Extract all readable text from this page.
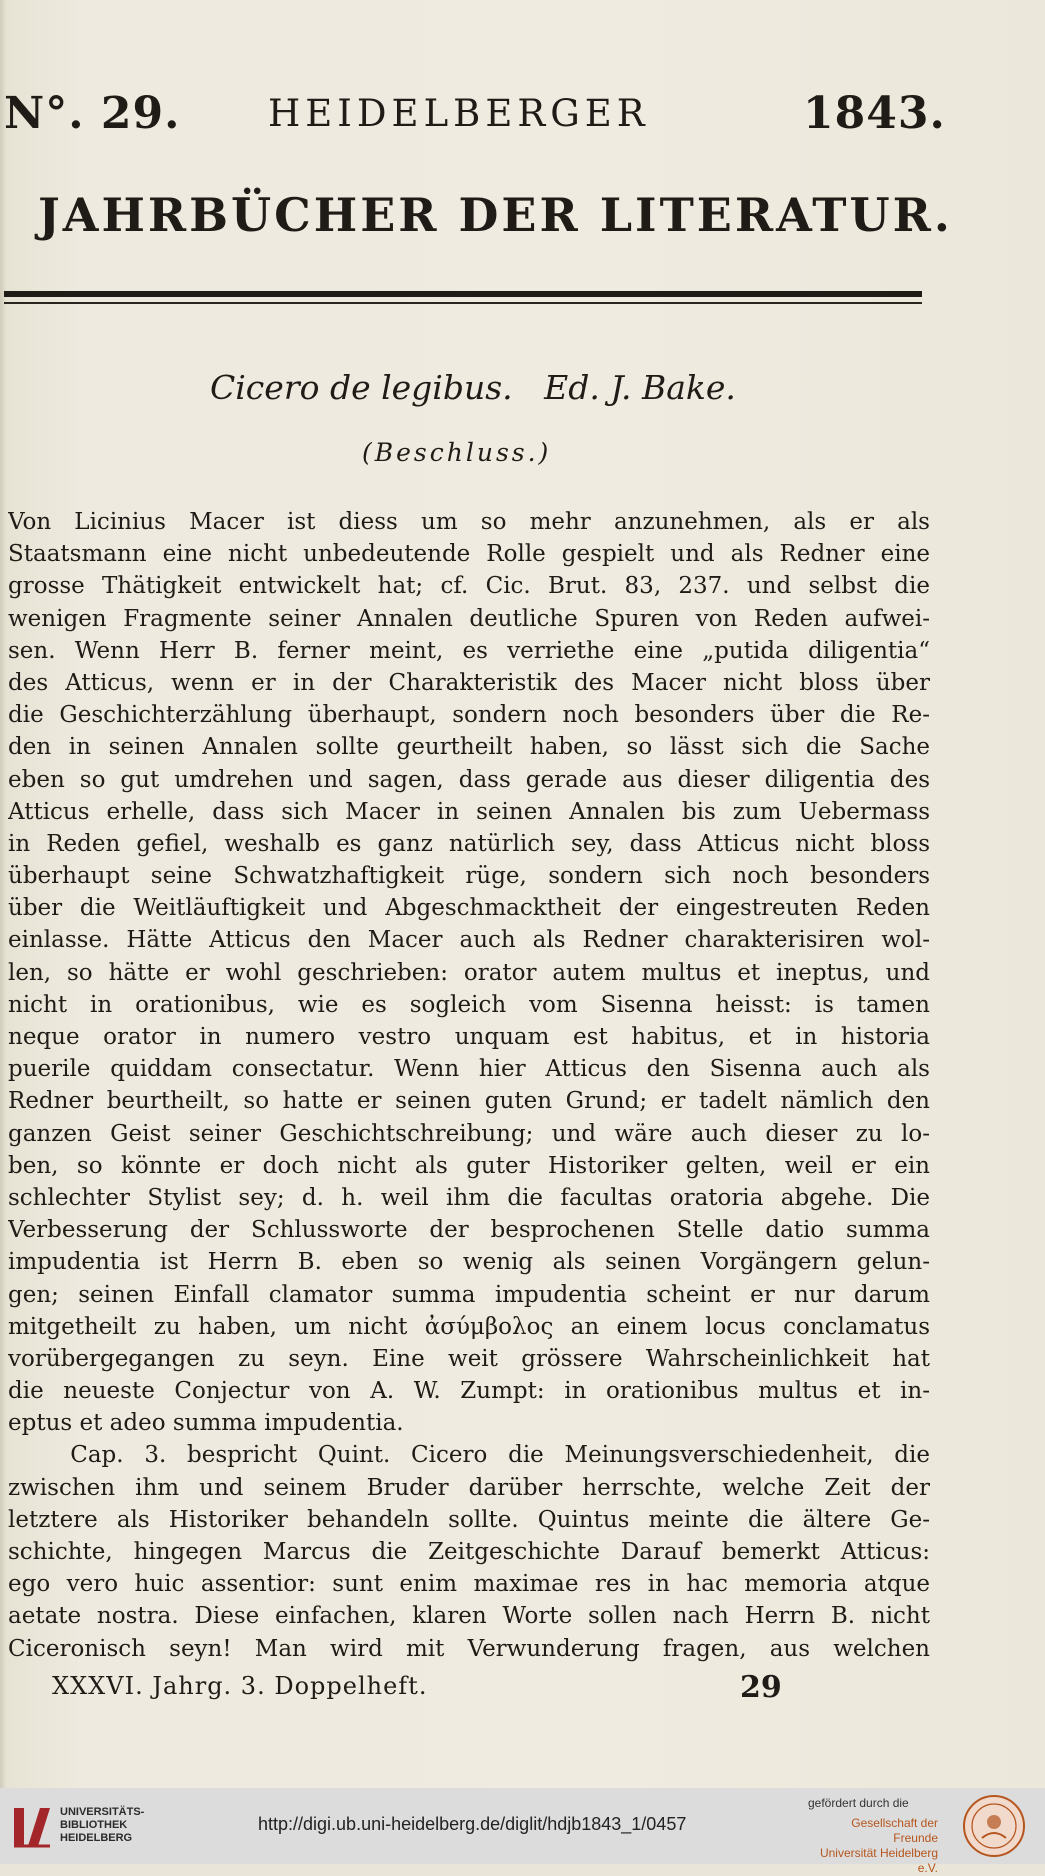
N°. 29. HEIDELBERGER	1843.
JAHRBÜCHER DER LITERATUR.
Cicero de legibus.   Ed. J. Bake.
(Beschluss.)
Von Licinius Macer ist diess um so mehr anzunehmen, als er als
Staatsmann eine nicht unbedeutende Rolle gespielt und als Redner eine
grosse Thätigkeit entwickelt hat; cf. Cic. Brut. 83, 237. und selbst die
wenigen Fragmente seiner Annalen deutliche Spuren von Reden aufwei-
sen. Wenn Herr B. ferner meint, es verriethe eine „putida diligentia“
des Atticus, wenn er in der Charakteristik des Macer nicht bloss über
die Geschichterzählung überhaupt, sondern noch besonders über die Re-
den in seinen Annalen sollte geurtheilt haben, so lässt sich die Sache
eben so gut umdrehen und sagen, dass gerade aus dieser diligentia des
Atticus erhelle, dass sich Macer in seinen Annalen bis zum Uebermass
in Reden gefiel, weshalb es ganz natürlich sey, dass Atticus nicht bloss
überhaupt seine Schwatzhaftigkeit rüge, sondern sich noch besonders
über die Weitläuftigkeit und Abgeschmacktheit der eingestreuten Reden
einlasse. Hätte Atticus den Macer auch als Redner charakterisiren wol-
len, so hätte er wohl geschrieben: orator autem multus et ineptus, und
nicht in orationibus, wie es sogleich vom Sisenna heisst: is tamen
neque orator in numero vestro unquam est habitus, et in historia
puerile quiddam consectatur. Wenn hier Atticus den Sisenna auch als
Redner beurtheilt, so hatte er seinen guten Grund; er tadelt nämlich den
ganzen Geist seiner Geschichtschreibung; und wäre auch dieser zu lo-
ben, so könnte er doch nicht als guter Historiker gelten, weil er ein
schlechter Stylist sey; d. h. weil ihm die facultas oratoria abgehe. Die
Verbesserung der Schlussworte der besprochenen Stelle datio summa
impudentia ist Herrn B. eben so wenig als seinen Vorgängern gelun-
gen; seinen Einfall clamator summa impudentia scheint er nur darum
mitgetheilt zu haben, um nicht ἀσύμβολος an einem locus conclamatus
vorübergegangen zu seyn. Eine weit grössere Wahrscheinlichkeit hat
die neueste Conjectur von A. W. Zumpt: in orationibus multus et in-
eptus et adeo summa impudentia.
Cap. 3. bespricht Quint. Cicero die Meinungsverschiedenheit, die
zwischen ihm und seinem Bruder darüber herrschte, welche Zeit der
letztere als Historiker behandeln sollte. Quintus meinte die ältere Ge-
schichte, hingegen Marcus die Zeitgeschichte Darauf bemerkt Atticus:
ego vero huic assentior: sunt enim maximae res in hac memoria atque
aetate nostra. Diese einfachen, klaren Worte sollen nach Herrn B. nicht
Ciceronisch seyn! Man wird mit Verwunderung fragen, aus welchen
XXXVI. Jahrg. 3. Doppelheft.	29
UNIVERSITÄTS-
BIBLIOTHEK
HEIDELBERG
http://digi.ub.uni-heidelberg.de/diglit/hdjb1843_1/0457
gefördert durch die
Gesellschaft der Freunde
Universität Heidelberg e.V.
